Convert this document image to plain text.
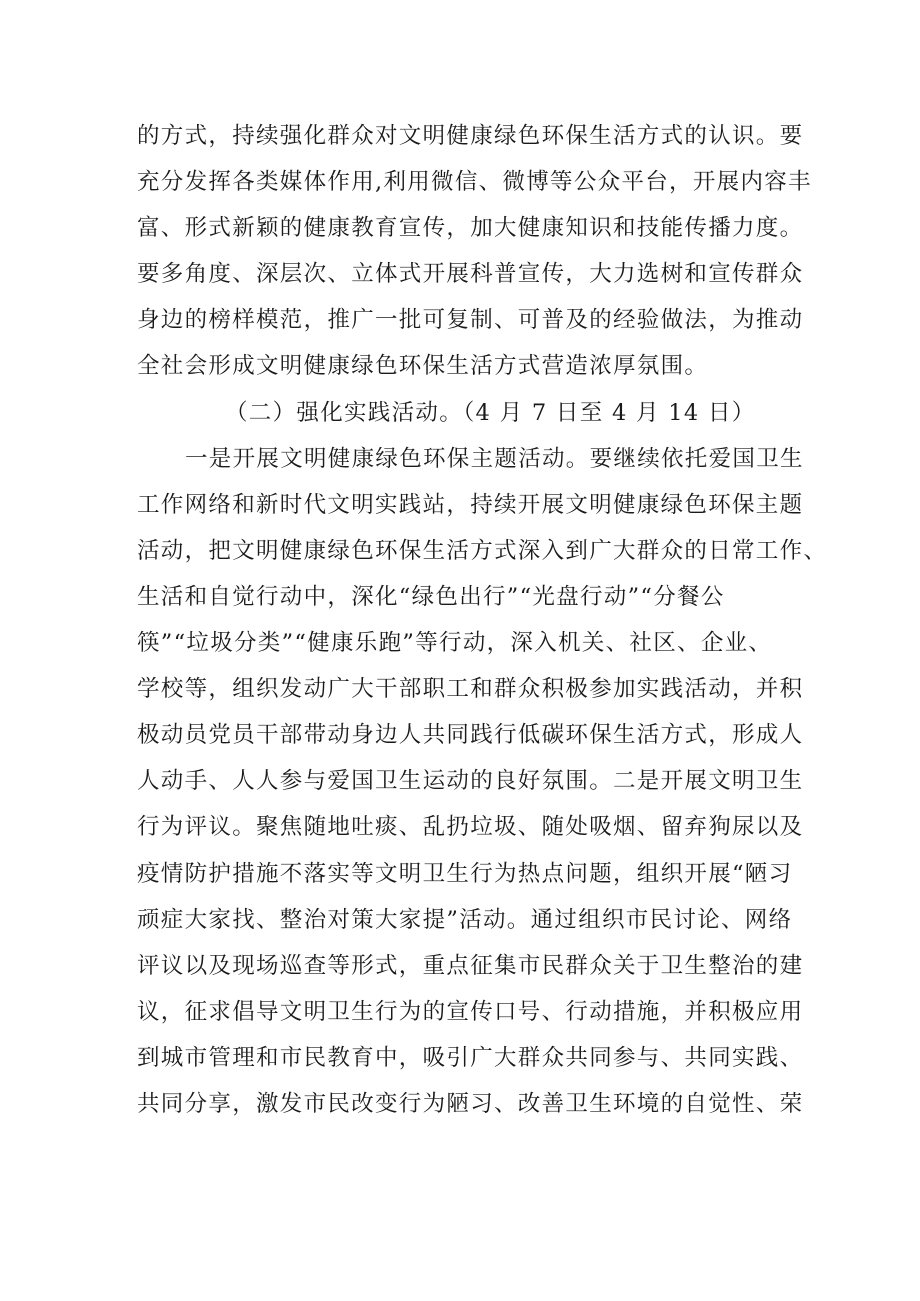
的方式，持续强化群众对文明健康绿色环保生活方式的认识。要
充分发挥各类媒体作用,利用微信、微博等公众平台，开展内容丰
富、形式新颖的健康教育宣传，加大健康知识和技能传播力度。
要多角度、深层次、立体式开展科普宣传，大力选树和宣传群众
身边的榜样模范，推广一批可复制、可普及的经验做法，为推动
全社会形成文明健康绿色环保生活方式营造浓厚氛围。
（二）强化实践活动。（4 月 7 日至 4 月 14 日）
一是开展文明健康绿色环保主题活动。要继续依托爱国卫生
工作网络和新时代文明实践站，持续开展文明健康绿色环保主题
活动，把文明健康绿色环保生活方式深入到广大群众的日常工作、
生活和自觉行动中，深化“绿色出行”“光盘行动”“分餐公
筷”“垃圾分类”“健康乐跑”等行动，深入机关、社区、企业、
学校等，组织发动广大干部职工和群众积极参加实践活动，并积
极动员党员干部带动身边人共同践行低碳环保生活方式，形成人
人动手、人人参与爱国卫生运动的良好氛围。二是开展文明卫生
行为评议。聚焦随地吐痰、乱扔垃圾、随处吸烟、留弃狗尿以及
疫情防护措施不落实等文明卫生行为热点问题，组织开展“陋习
顽症大家找、整治对策大家提”活动。通过组织市民讨论、网络
评议以及现场巡查等形式，重点征集市民群众关于卫生整治的建
议，征求倡导文明卫生行为的宣传口号、行动措施，并积极应用
到城市管理和市民教育中，吸引广大群众共同参与、共同实践、
共同分享，激发市民改变行为陋习、改善卫生环境的自觉性、荣
